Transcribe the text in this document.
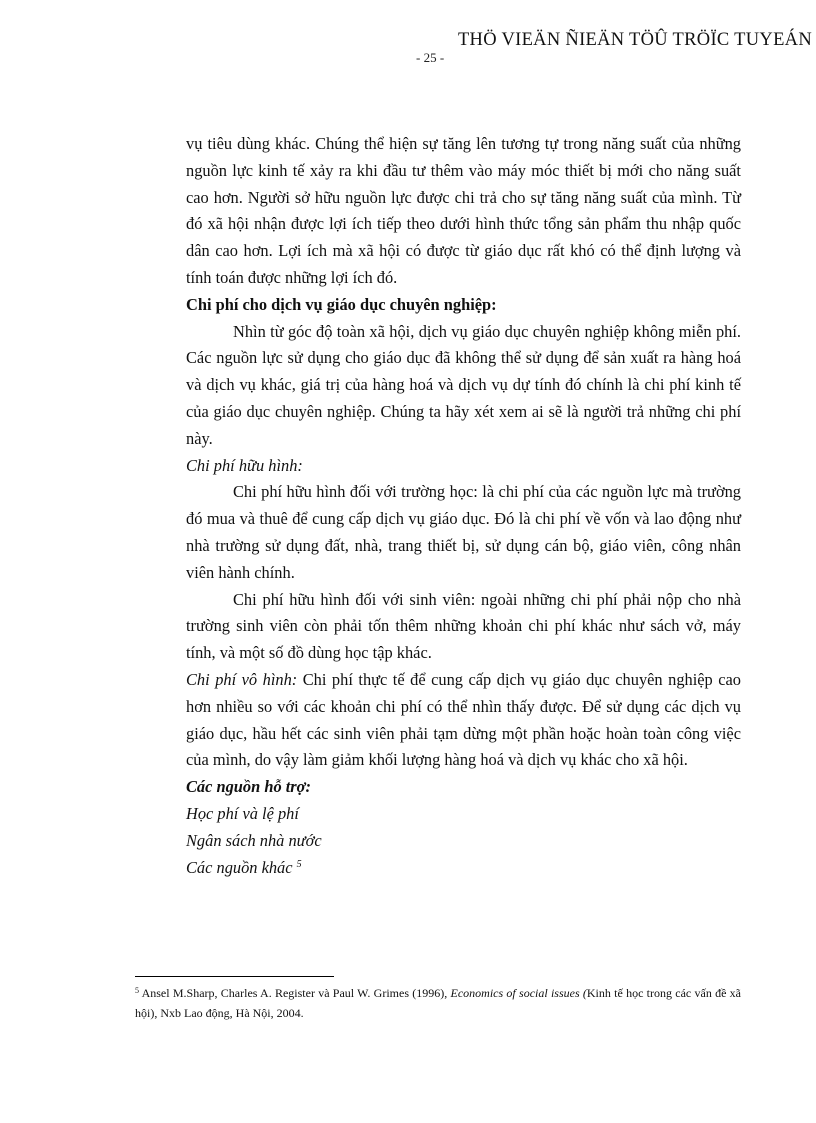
THÖ VIEÄN ÑIEÄN TÖÛ TRÖÏC TUYEÁN
- 25 -

vụ tiêu dùng khác. Chúng thể hiện sự tăng lên tương tự trong năng suất của những nguồn lực kinh tế xảy ra khi đầu tư thêm vào máy móc thiết bị mới cho năng suất cao hơn. Người sở hữu nguồn lực được chi trả cho sự tăng năng suất của mình. Từ đó xã hội nhận được lợi ích tiếp theo dưới hình thức tổng sản phẩm thu nhập quốc dân cao hơn. Lợi ích mà xã hội có được từ giáo dục rất khó có thể định lượng và tính toán được những lợi ích đó.

Chi phí cho dịch vụ giáo dục chuyên nghiệp:

Nhìn từ góc độ toàn xã hội, dịch vụ giáo dục chuyên nghiệp không miễn phí. Các nguồn lực sử dụng cho giáo dục đã không thể sử dụng để sản xuất ra hàng hoá và dịch vụ khác, giá trị của hàng hoá và dịch vụ dự tính đó chính là chi phí kinh tế của giáo dục chuyên nghiệp. Chúng ta hãy xét xem ai sẽ là người trả những chi phí này.

Chi phí hữu hình:

Chi phí hữu hình đối với trường học: là chi phí của các nguồn lực mà trường đó mua và thuê để cung cấp dịch vụ giáo dục. Đó là chi phí về vốn và lao động như nhà trường sử dụng đất, nhà, trang thiết bị, sử dụng cán bộ, giáo viên, công nhân viên hành chính.

Chi phí hữu hình đối với sinh viên: ngoài những chi phí phải nộp cho nhà trường sinh viên còn phải tốn thêm những khoản chi phí khác như sách vở, máy tính, và một số đồ dùng học tập khác.

Chi phí vô hình: Chi phí thực tế để cung cấp dịch vụ giáo dục chuyên nghiệp cao hơn nhiều so với các khoản chi phí có thể nhìn thấy được. Để sử dụng các dịch vụ giáo dục, hầu hết các sinh viên phải tạm dừng một phần hoặc hoàn toàn công việc của mình, do vậy làm giảm khối lượng hàng hoá và dịch vụ khác cho xã hội.

Các nguồn hỗ trợ:

Học phí và lệ phí

Ngân sách nhà nước

Các nguồn khác $^5$

$^5$ Ansel M.Sharp, Charles A. Register và Paul W. Grimes (1996), Economics of social issues (Kinh tế học trong các vấn đề xã hội), Nxb Lao động, Hà Nội, 2004.
